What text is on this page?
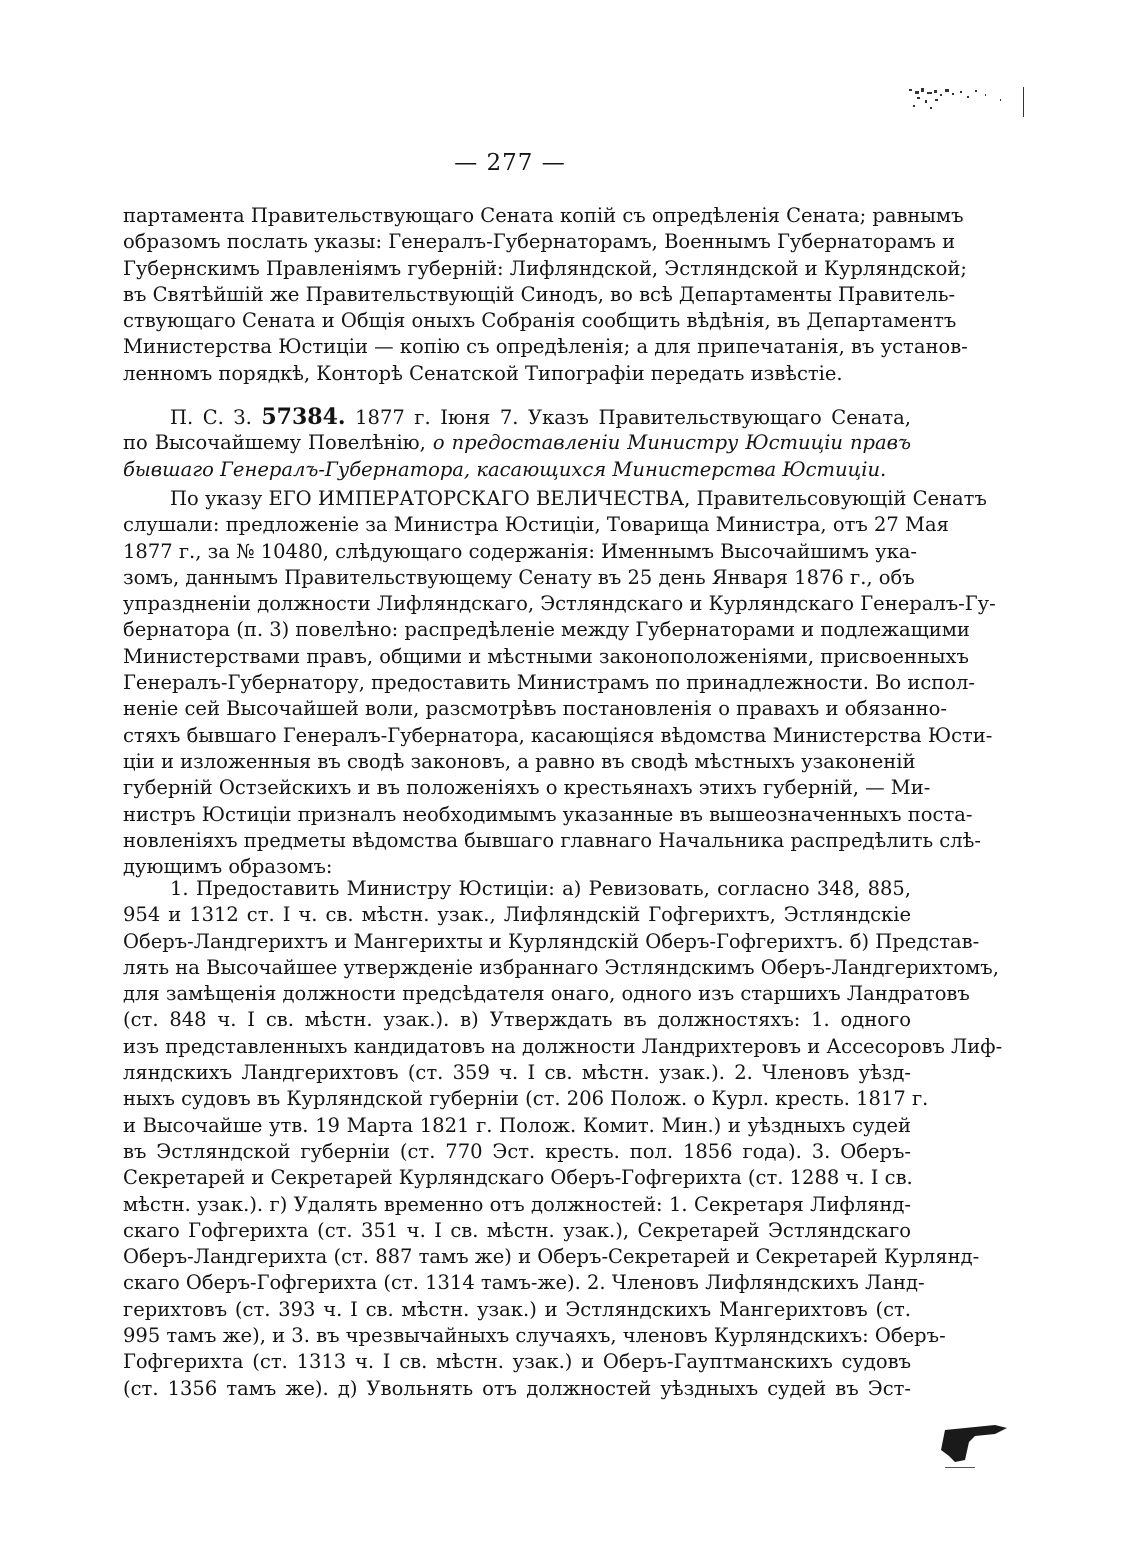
— 277 —
партамента Правительствующаго Сената копій съ опредѣленія Сената; равнымъ
образомъ послать указы: Генералъ-Губернаторамъ, Военнымъ Губернаторамъ и
Губернскимъ Правленіямъ губерній: Лифляндской, Эстляндской и Курляндской;
въ Святѣйшій же Правительствующій Синодъ, во всѣ Департаменты Правитель-
ствующаго Сената и Общія оныхъ Собранія сообщить вѣдѣнія, въ Департаментъ
Министерства Юстиціи — копію съ опредѣленія; а для припечатанія, въ установ-
ленномъ порядкѣ, Конторѣ Сенатской Типографіи передать извѣстіе.
П. С. З. 57384. 1877 г. Іюня 7. Указъ Правительствующаго Сената,
по Высочайшему Повелѣнію, о предоставленіи Министру Юстиціи правъ
бывшаго Генералъ-Губернатора, касающихся Министерства Юстиціи.
По указу ЕГО ИМПЕРАТОРСКАГО ВЕЛИЧЕСТВА, Правительсовующій Сенатъ
слушали: предложеніе за Министра Юстиціи, Товарища Министра, отъ 27 Мая
1877 г., за № 10480, слѣдующаго содержанія: Именнымъ Высочайшимъ ука-
зомъ, даннымъ Правительствующему Сенату въ 25 день Января 1876 г., объ
упраздненіи должности Лифляндскаго, Эстляндскаго и Курляндскаго Генералъ-Гу-
бернатора (п. 3) повелѣно: распредѣленіе между Губернаторами и подлежащими
Министерствами правъ, общими и мѣстными законоположеніями, присвоенныхъ
Генералъ-Губернатору, предоставить Министрамъ по принадлежности. Во испол-
неніе сей Высочайшей воли, разсмотрѣвъ постановленія о правахъ и обязанно-
стяхъ бывшаго Генералъ-Губернатора, касающіяся вѣдомства Министерства Юсти-
ціи и изложенныя въ сводѣ законовъ, а равно въ сводѣ мѣстныхъ узаконеній
губерній Остзейскихъ и въ положеніяхъ о крестьянахъ этихъ губерній, — Ми-
нистръ Юстиціи призналъ необходимымъ указанные въ вышеозначенныхъ поста-
новленіяхъ предметы вѣдомства бывшаго главнаго Начальника распредѣлить слѣ-
дующимъ образомъ:
1. Предоставить Министру Юстиціи: а) Ревизовать, согласно 348, 885,
954 и 1312 ст. I ч. св. мѣстн. узак., Лифляндскій Гофгерихтъ, Эстляндскіе
Оберъ-Ландгерихтъ и Мангерихты и Курляндскій Оберъ-Гофгерихтъ. б) Представ-
лять на Высочайшее утвержденіе избраннаго Эстляндскимъ Оберъ-Ландгерихтомъ,
для замѣщенія должности предсѣдателя онаго, одного изъ старшихъ Ландратовъ
(ст. 848 ч. I св. мѣстн. узак.). в) Утверждать въ должностяхъ: 1. одного
изъ представленныхъ кандидатовъ на должности Ландрихтеровъ и Ассесоровъ Лиф-
ляндскихъ Ландгерихтовъ (ст. 359 ч. I св. мѣстн. узак.). 2. Членовъ уѣзд-
ныхъ судовъ въ Курляндской губерніи (ст. 206 Полож. о Курл. кресть. 1817 г.
и Высочайше утв. 19 Марта 1821 г. Полож. Комит. Мин.) и уѣздныхъ судей
въ Эстляндской губерніи (ст. 770 Эст. кресть. пол. 1856 года). 3. Оберъ-
Секретарей и Секретарей Курляндскаго Оберъ-Гофгерихта (ст. 1288 ч. I св.
мѣстн. узак.). г) Удалять временно отъ должностей: 1. Секретаря Лифлянд-
скаго Гофгерихта (ст. 351 ч. I св. мѣстн. узак.), Секретарей Эстляндскаго
Оберъ-Ландгерихта (ст. 887 тамъ же) и Оберъ-Секретарей и Секретарей Курлянд-
скаго Оберъ-Гофгерихта (ст. 1314 тамъ-же). 2. Членовъ Лифляндскихъ Ланд-
герихтовъ (ст. 393 ч. I св. мѣстн. узак.) и Эстляндскихъ Мангерихтовъ (ст.
995 тамъ же), и 3. въ чрезвычайныхъ случаяхъ, членовъ Курляндскихъ: Оберъ-
Гофгерихта (ст. 1313 ч. I св. мѣстн. узак.) и Оберъ-Гауптманскихъ судовъ
(ст. 1356 тамъ же). д) Увольнять отъ должностей уѣздныхъ судей въ Эст-
